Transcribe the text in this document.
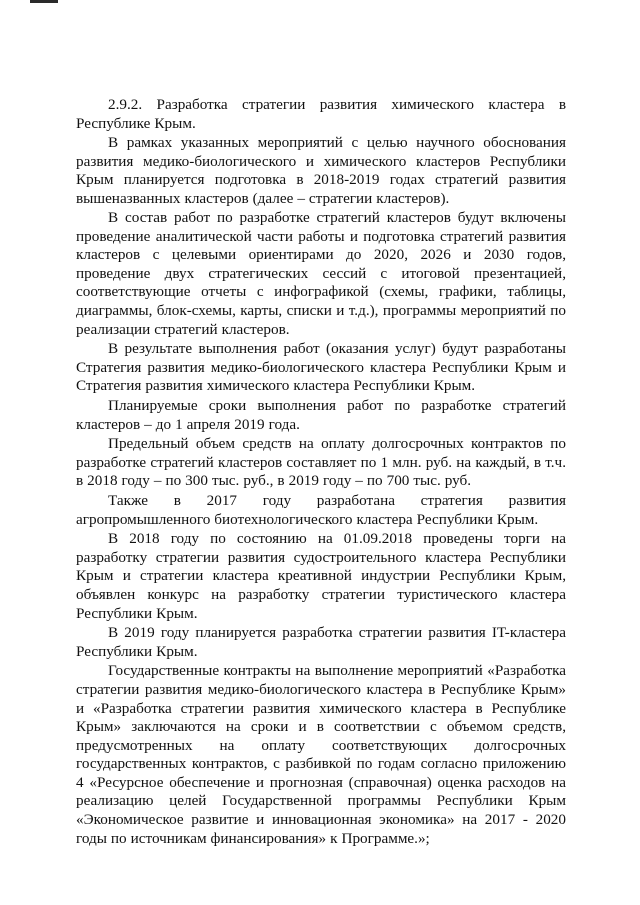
2.9.2. Разработка стратегии развития химического кластера в Республике Крым.

В рамках указанных мероприятий с целью научного обоснования развития медико-биологического и химического кластеров Республики Крым планируется подготовка в 2018-2019 годах стратегий развития вышеназванных кластеров (далее – стратегии кластеров).

В состав работ по разработке стратегий кластеров будут включены проведение аналитической части работы и подготовка стратегий развития кластеров с целевыми ориентирами до 2020, 2026 и 2030 годов, проведение двух стратегических сессий с итоговой презентацией, соответствующие отчеты с инфографикой (схемы, графики, таблицы, диаграммы, блок-схемы, карты, списки и т.д.), программы мероприятий по реализации стратегий кластеров.

В результате выполнения работ (оказания услуг) будут разработаны Стратегия развития медико-биологического кластера Республики Крым и Стратегия развития химического кластера Республики Крым.

Планируемые сроки выполнения работ по разработке стратегий кластеров – до 1 апреля 2019 года.

Предельный объем средств на оплату долгосрочных контрактов по разработке стратегий кластеров составляет по 1 млн. руб. на каждый, в т.ч. в 2018 году – по 300 тыс. руб., в 2019 году – по 700 тыс. руб.

Также в 2017 году разработана стратегия развития агропромышленного биотехнологического кластера Республики Крым.

В 2018 году по состоянию на 01.09.2018 проведены торги на разработку стратегии развития судостроительного кластера Республики Крым и стратегии кластера креативной индустрии Республики Крым, объявлен конкурс на разработку стратегии туристического кластера Республики Крым.

В 2019 году планируется разработка стратегии развития IT-кластера Республики Крым.

Государственные контракты на выполнение мероприятий «Разработка стратегии развития медико-биологического кластера в Республике Крым» и «Разработка стратегии развития химического кластера в Республике Крым» заключаются на сроки и в соответствии с объемом средств, предусмотренных на оплату соответствующих долгосрочных государственных контрактов, с разбивкой по годам согласно приложению 4 «Ресурсное обеспечение и прогнозная (справочная) оценка расходов на реализацию целей Государственной программы Республики Крым «Экономическое развитие и инновационная экономика» на 2017 - 2020 годы по источникам финансирования» к Программе.»;
